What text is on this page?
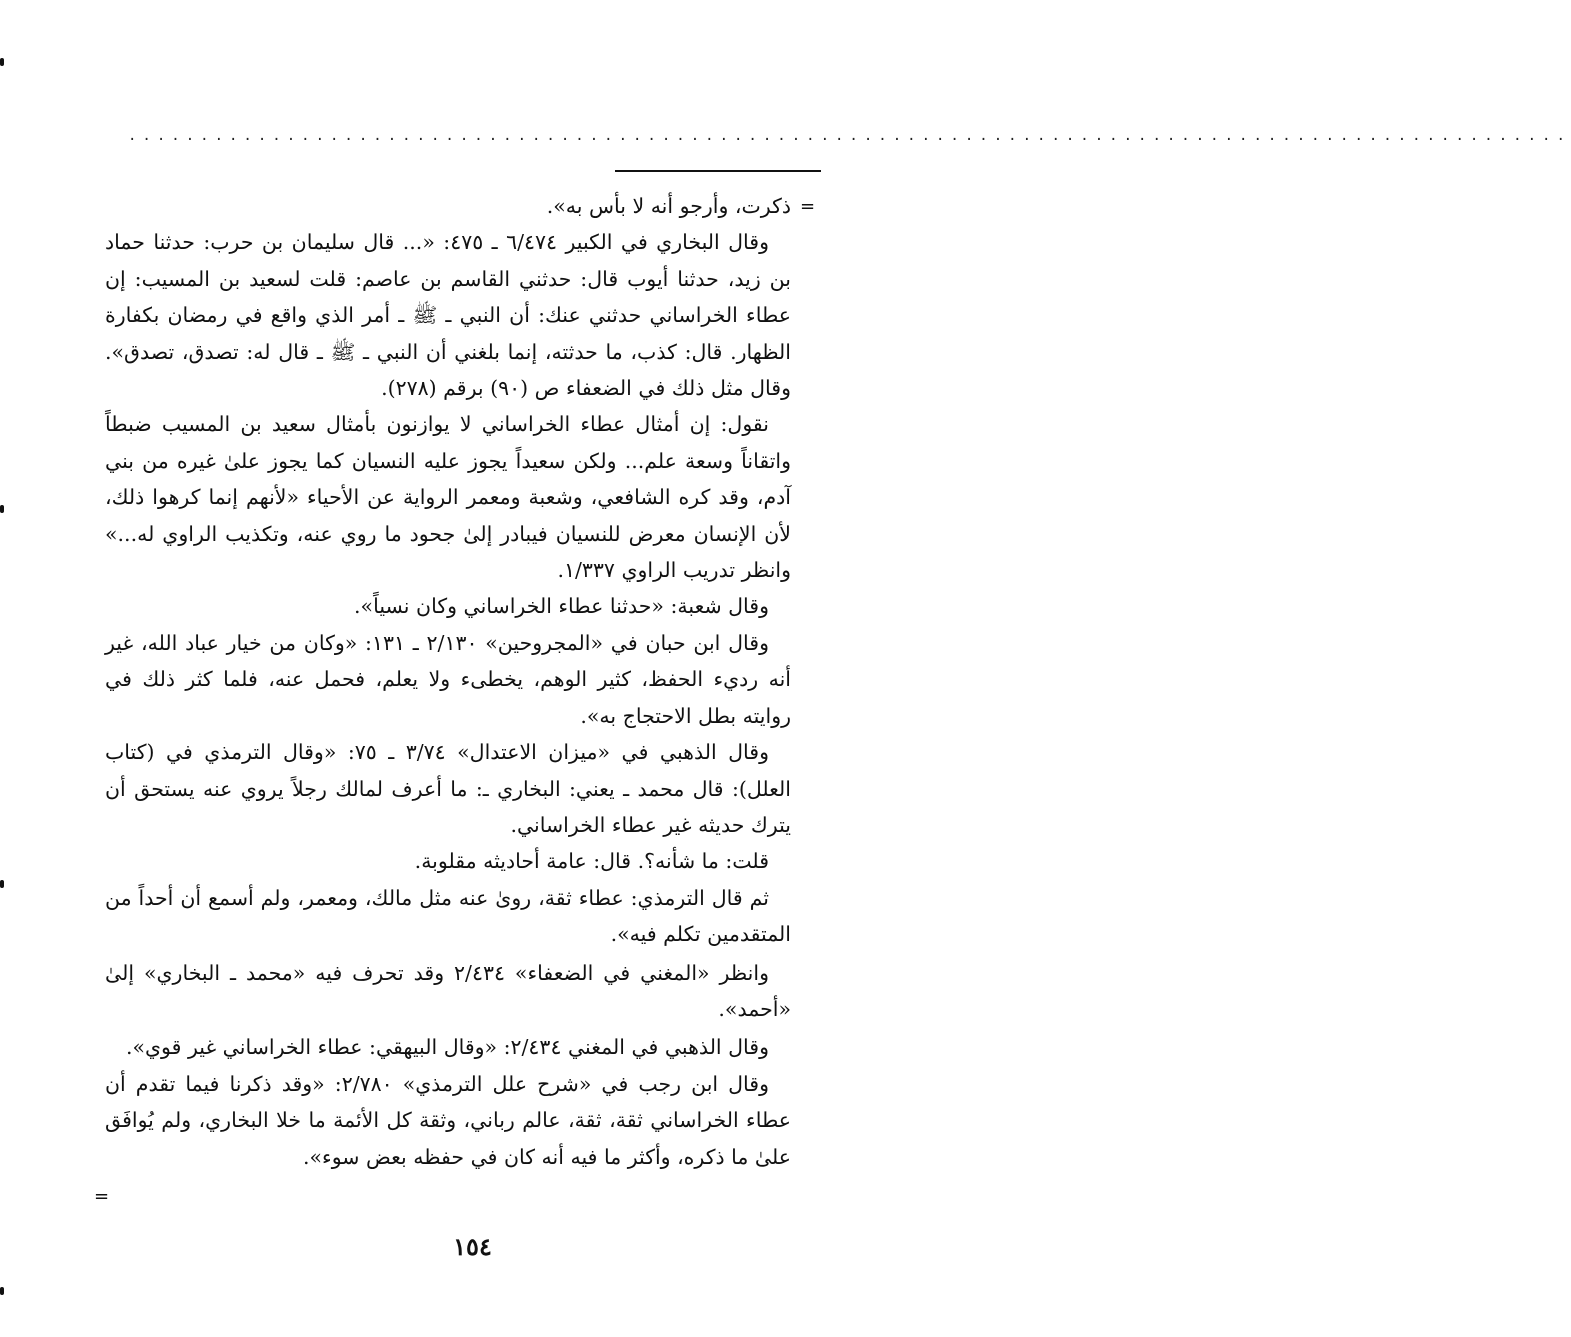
....................................................................................................
=
=

ذكرت، وأرجو أنه لا بأس به».

وقال البخاري في الكبير ٦/٤٧٤ ـ ٤٧٥: «... قال سليمان بن حرب: حدثنا حماد بن زيد، حدثنا أيوب قال: حدثني القاسم بن عاصم: قلت لسعيد بن المسيب: إن عطاء الخراساني حدثني عنك: أن النبي ـ ﷺ ـ أمر الذي واقع في رمضان بكفارة الظهار. قال: كذب، ما حدثته، إنما بلغني أن النبي ـ ﷺ ـ قال له: تصدق، تصدق». وقال مثل ذلك في الضعفاء ص (٩٠) برقم (٢٧٨).

نقول: إن أمثال عطاء الخراساني لا يوازنون بأمثال سعيد بن المسيب ضبطاً واتقاناً وسعة علم... ولكن سعيداً يجوز عليه النسيان كما يجوز علىٰ غيره من بني آدم، وقد كره الشافعي، وشعبة ومعمر الرواية عن الأحياء «لأنهم إنما كرهوا ذلك، لأن الإنسان معرض للنسيان فيبادر إلىٰ جحود ما روي عنه، وتكذيب الراوي له...» وانظر تدريب الراوي ١/٣٣٧.

وقال شعبة: «حدثنا عطاء الخراساني وكان نسياً».

وقال ابن حبان في «المجروحين» ٢/١٣٠ ـ ١٣١: «وكان من خيار عباد الله، غير أنه رديء الحفظ، كثير الوهم، يخطىء ولا يعلم، فحمل عنه، فلما كثر ذلك في روايته بطل الاحتجاج به».

وقال الذهبي في «ميزان الاعتدال» ٣/٧٤ ـ ٧٥: «وقال الترمذي في (كتاب العلل): قال محمد ـ يعني: البخاري ـ: ما أعرف لمالك رجلاً يروي عنه يستحق أن يترك حديثه غير عطاء الخراساني.

قلت: ما شأنه؟. قال: عامة أحاديثه مقلوبة.

ثم قال الترمذي: عطاء ثقة، روىٰ عنه مثل مالك، ومعمر، ولم أسمع أن أحداً من المتقدمين تكلم فيه».

وانظر «المغني في الضعفاء» ٢/٤٣٤ وقد تحرف فيه «محمد ـ البخاري» إلىٰ «أحمد».

وقال الذهبي في المغني ٢/٤٣٤: «وقال البيهقي: عطاء الخراساني غير قوي».

وقال ابن رجب في «شرح علل الترمذي» ٢/٧٨٠: «وقد ذكرنا فيما تقدم أن عطاء الخراساني ثقة، ثقة، عالم رباني، وثقة كل الأئمة ما خلا البخاري، ولم يُوافَق علىٰ ما ذكره، وأكثر ما فيه أنه كان في حفظه بعض سوء».

١٥٤
